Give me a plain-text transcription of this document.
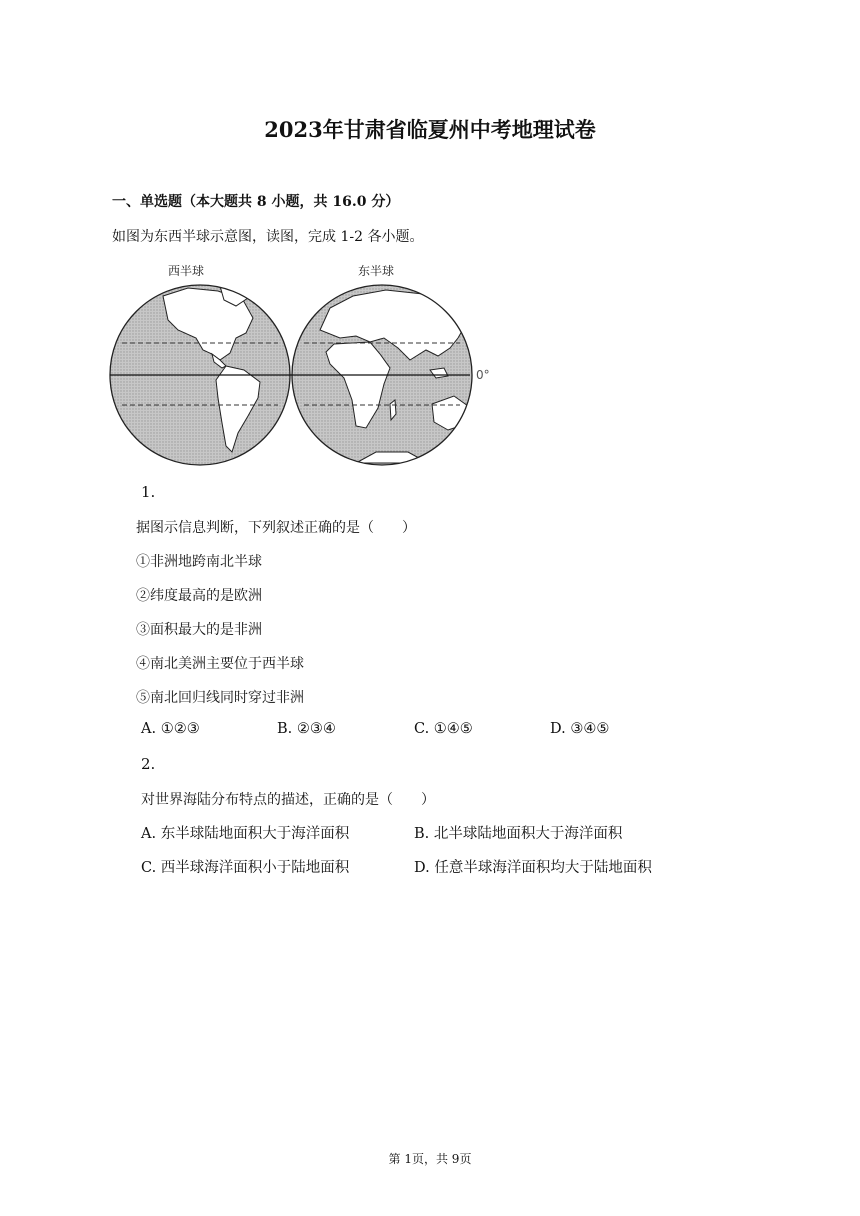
2023年甘肃省临夏州中考地理试卷
一、单选题（本大题共 8 小题，共 16.0 分）
如图为东西半球示意图，读图，完成 1-2 各小题。
西半球	东半球
0°
1.
据图示信息判断，下列叙述正确的是（　　）
①非洲地跨南北半球
②纬度最高的是欧洲
③面积最大的是非洲
④南北美洲主要位于西半球
⑤南北回归线同时穿过非洲
A. ①②③	B. ②③④	C. ①④⑤	D. ③④⑤
2.
对世界海陆分布特点的描述，正确的是（　　）
A. 东半球陆地面积大于海洋面积	B. 北半球陆地面积大于海洋面积
C. 西半球海洋面积小于陆地面积	D. 任意半球海洋面积均大于陆地面积
第 1页，共 9页
